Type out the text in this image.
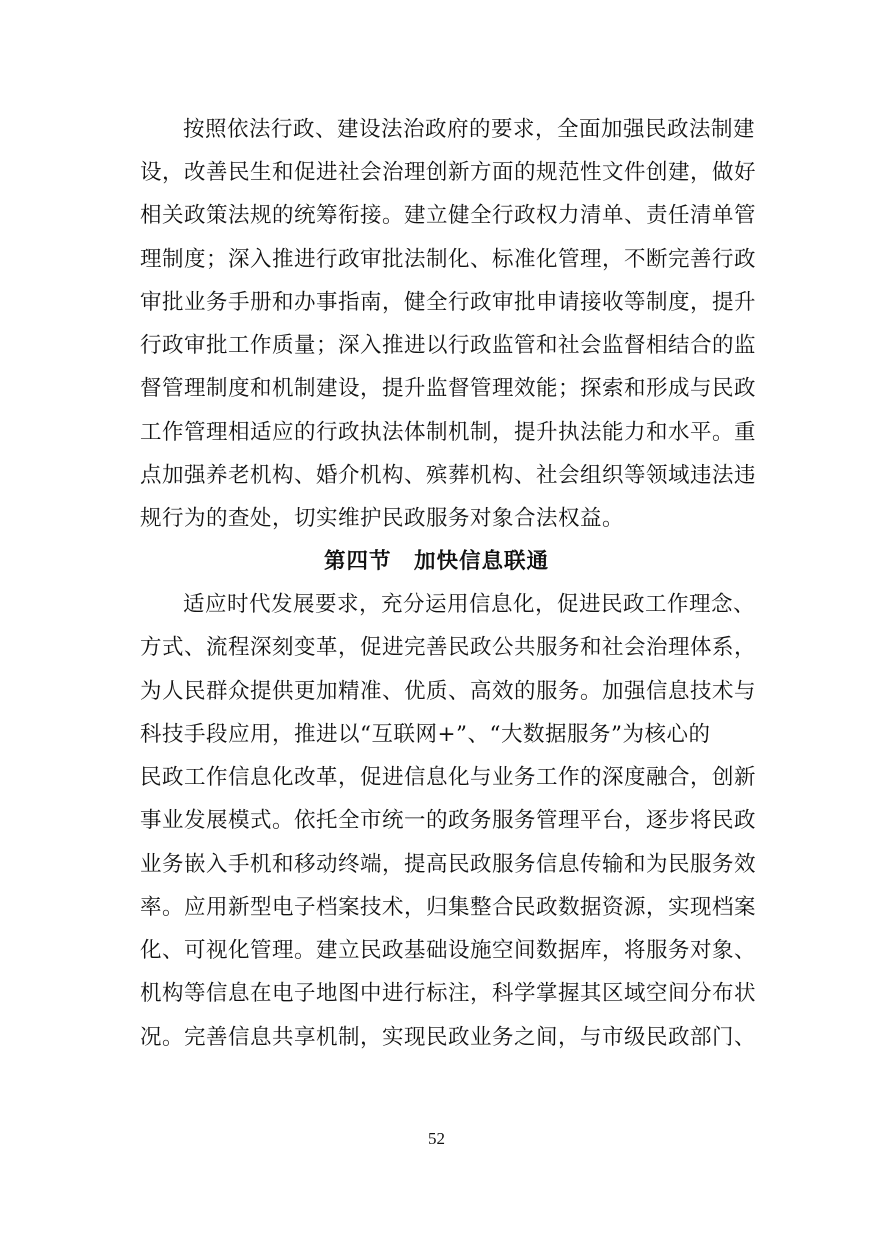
按照依法行政、建设法治政府的要求，全面加强民政法制建
设，改善民生和促进社会治理创新方面的规范性文件创建，做好
相关政策法规的统筹衔接。建立健全行政权力清单、责任清单管
理制度；深入推进行政审批法制化、标准化管理，不断完善行政
审批业务手册和办事指南，健全行政审批申请接收等制度，提升
行政审批工作质量；深入推进以行政监管和社会监督相结合的监
督管理制度和机制建设，提升监督管理效能；探索和形成与民政
工作管理相适应的行政执法体制机制，提升执法能力和水平。重
点加强养老机构、婚介机构、殡葬机构、社会组织等领域违法违
规行为的查处，切实维护民政服务对象合法权益。
第四节　加快信息联通
适应时代发展要求，充分运用信息化，促进民政工作理念、
方式、流程深刻变革，促进完善民政公共服务和社会治理体系，
为人民群众提供更加精准、优质、高效的服务。加强信息技术与
科技手段应用，推进以“互联网+”、“大数据服务”为核心的
民政工作信息化改革，促进信息化与业务工作的深度融合，创新
事业发展模式。依托全市统一的政务服务管理平台，逐步将民政
业务嵌入手机和移动终端，提高民政服务信息传输和为民服务效
率。应用新型电子档案技术，归集整合民政数据资源，实现档案
化、可视化管理。建立民政基础设施空间数据库，将服务对象、
机构等信息在电子地图中进行标注，科学掌握其区域空间分布状
况。完善信息共享机制，实现民政业务之间，与市级民政部门、
52
